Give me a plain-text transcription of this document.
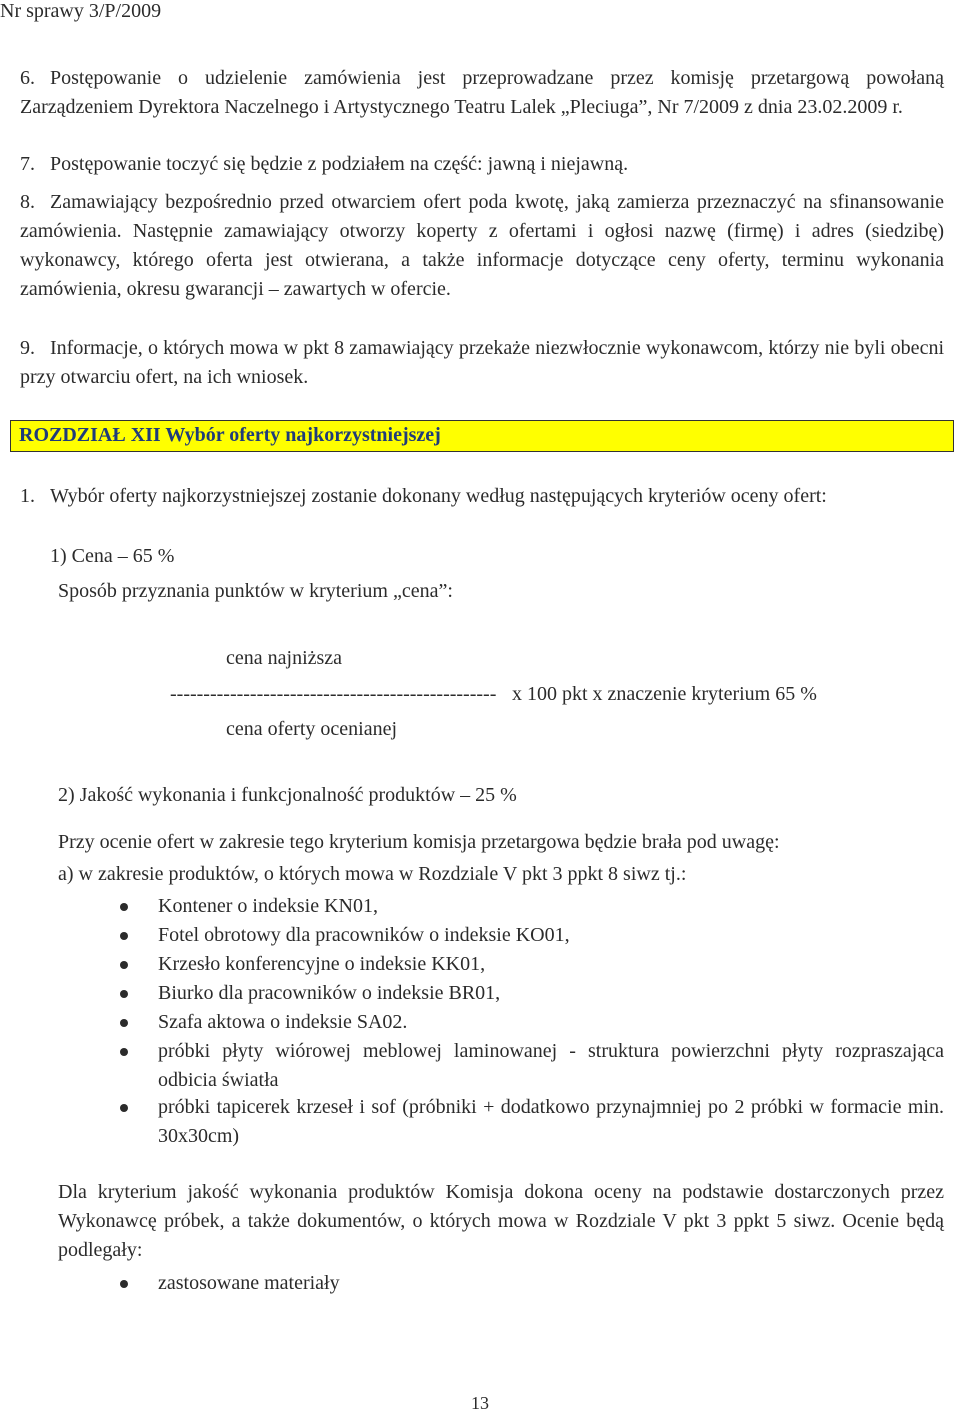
Nr sprawy 3/P/2009
6. Postępowanie o udzielenie zamówienia jest przeprowadzane przez komisję przetargową powołaną Zarządzeniem Dyrektora Naczelnego i Artystycznego Teatru Lalek „Pleciuga”, Nr 7/2009 z dnia 23.02.2009 r.
7. Postępowanie toczyć się będzie z podziałem na część: jawną i niejawną.
8. Zamawiający bezpośrednio przed otwarciem ofert poda kwotę, jaką zamierza przeznaczyć na sfinansowanie zamówienia. Następnie zamawiający otworzy koperty z ofertami i ogłosi nazwę (firmę) i adres (siedzibę) wykonawcy, którego oferta jest otwierana, a także informacje dotyczące ceny oferty, terminu wykonania zamówienia, okresu gwarancji – zawartych w ofercie.
9. Informacje, o których mowa w pkt 8 zamawiający przekaże niezwłocznie wykonawcom, którzy nie byli obecni przy otwarciu ofert, na ich wniosek.
ROZDZIAŁ XII Wybór oferty najkorzystniejszej
1. Wybór oferty najkorzystniejszej zostanie dokonany według następujących kryteriów oceny ofert:
1) Cena – 65 %
Sposób przyznania punktów w kryterium „cena”:
cena najniższa
------------------------------------------------- x 100 pkt x znaczenie kryterium 65 %
cena oferty ocenianej
2) Jakość wykonania i funkcjonalność produktów – 25 %
Przy ocenie ofert w zakresie tego kryterium komisja przetargowa będzie brała pod uwagę:
a) w zakresie produktów, o których mowa w Rozdziale V pkt 3 ppkt 8 siwz tj.:
Kontener o indeksie KN01,
Fotel obrotowy dla pracowników o indeksie KO01,
Krzesło konferencyjne o indeksie KK01,
Biurko dla pracowników o indeksie BR01,
Szafa aktowa o indeksie SA02.
próbki płyty wiórowej meblowej laminowanej - struktura powierzchni płyty rozpraszająca odbicia światła
próbki tapicerek krzeseł i sof (próbniki + dodatkowo przynajmniej po 2 próbki w formacie min. 30x30cm)
Dla kryterium jakość wykonania produktów Komisja dokona oceny na podstawie dostarczonych przez Wykonawcę próbek, a także dokumentów, o których mowa w Rozdziale V pkt 3 ppkt 5 siwz. Ocenie będą podlegały:
zastosowane materiały
13
